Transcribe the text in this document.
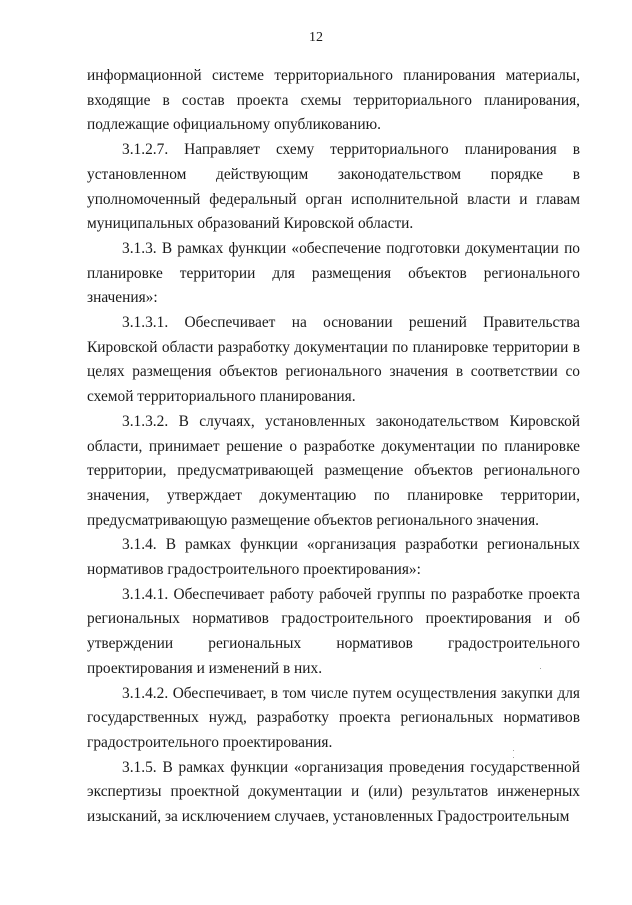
12

информационной системе территориального планирования материалы, входящие в состав проекта схемы территориального планирования, подлежащие официальному опубликованию.

3.1.2.7. Направляет схему территориального планирования в установленном действующим законодательством порядке в уполномоченный федеральный орган исполнительной власти и главам муниципальных образований Кировской области.

3.1.3. В рамках функции «обеспечение подготовки документации по планировке территории для размещения объектов регионального значения»:

3.1.3.1. Обеспечивает на основании решений Правительства Кировской области разработку документации по планировке территории в целях размещения объектов регионального значения в соответствии со схемой территориального планирования.

3.1.3.2. В случаях, установленных законодательством Кировской области, принимает решение о разработке документации по планировке территории, предусматривающей размещение объектов регионального значения, утверждает документацию по планировке территории, предусматривающую размещение объектов регионального значения.

3.1.4. В рамках функции «организация разработки региональных нормативов градостроительного проектирования»:

3.1.4.1. Обеспечивает работу рабочей группы по разработке проекта региональных нормативов градостроительного проектирования и об утверждении региональных нормативов градостроительного проектирования и изменений в них.

3.1.4.2. Обеспечивает, в том числе путем осуществления закупки для государственных нужд, разработку проекта региональных нормативов градостроительного проектирования.

3.1.5. В рамках функции «организация проведения государственной экспертизы проектной документации и (или) результатов инженерных изысканий, за исключением случаев, установленных Градостроительным
